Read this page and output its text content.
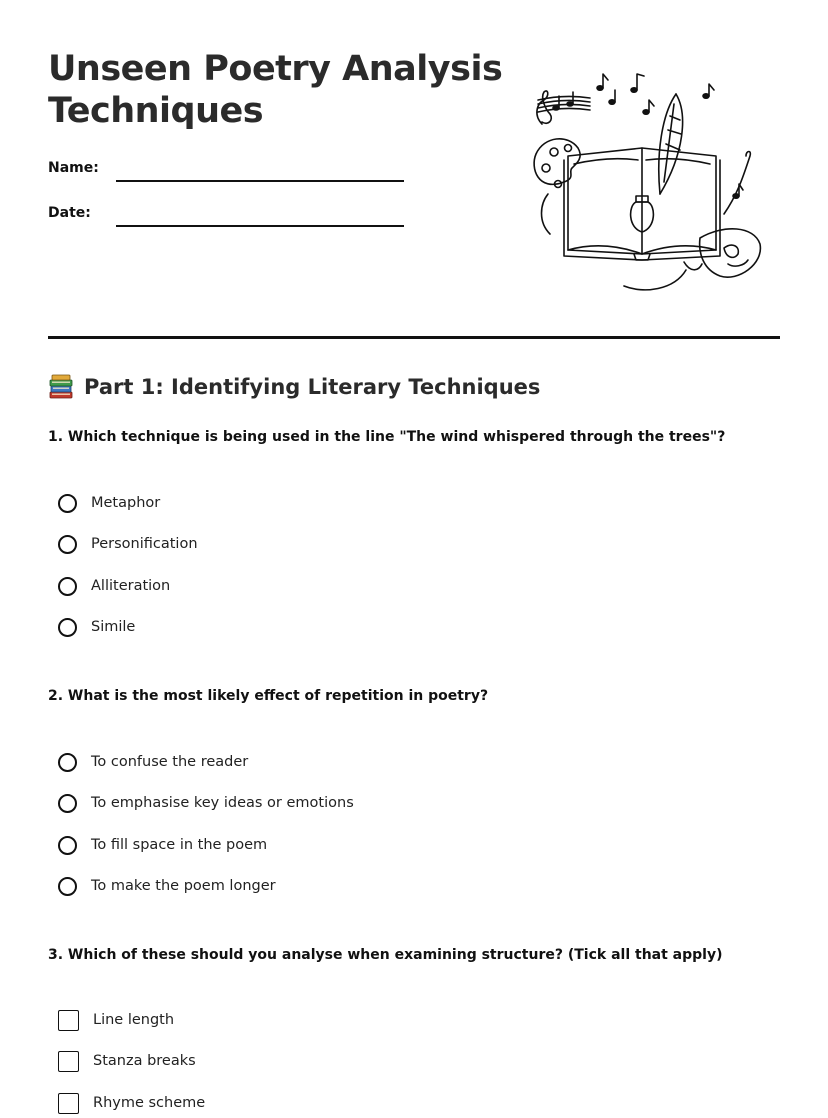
Unseen Poetry Analysis Techniques
Name:
Date:
Part 1: Identifying Literary Techniques

1. Which technique is being used in the line "The wind whispered through the trees"?

Metaphor
Personification
Alliteration
Simile

2. What is the most likely effect of repetition in poetry?

To confuse the reader
To emphasise key ideas or emotions
To fill space in the poem
To make the poem longer

3. Which of these should you analyse when examining structure? (Tick all that apply)

Line length
Stanza breaks
Rhyme scheme
